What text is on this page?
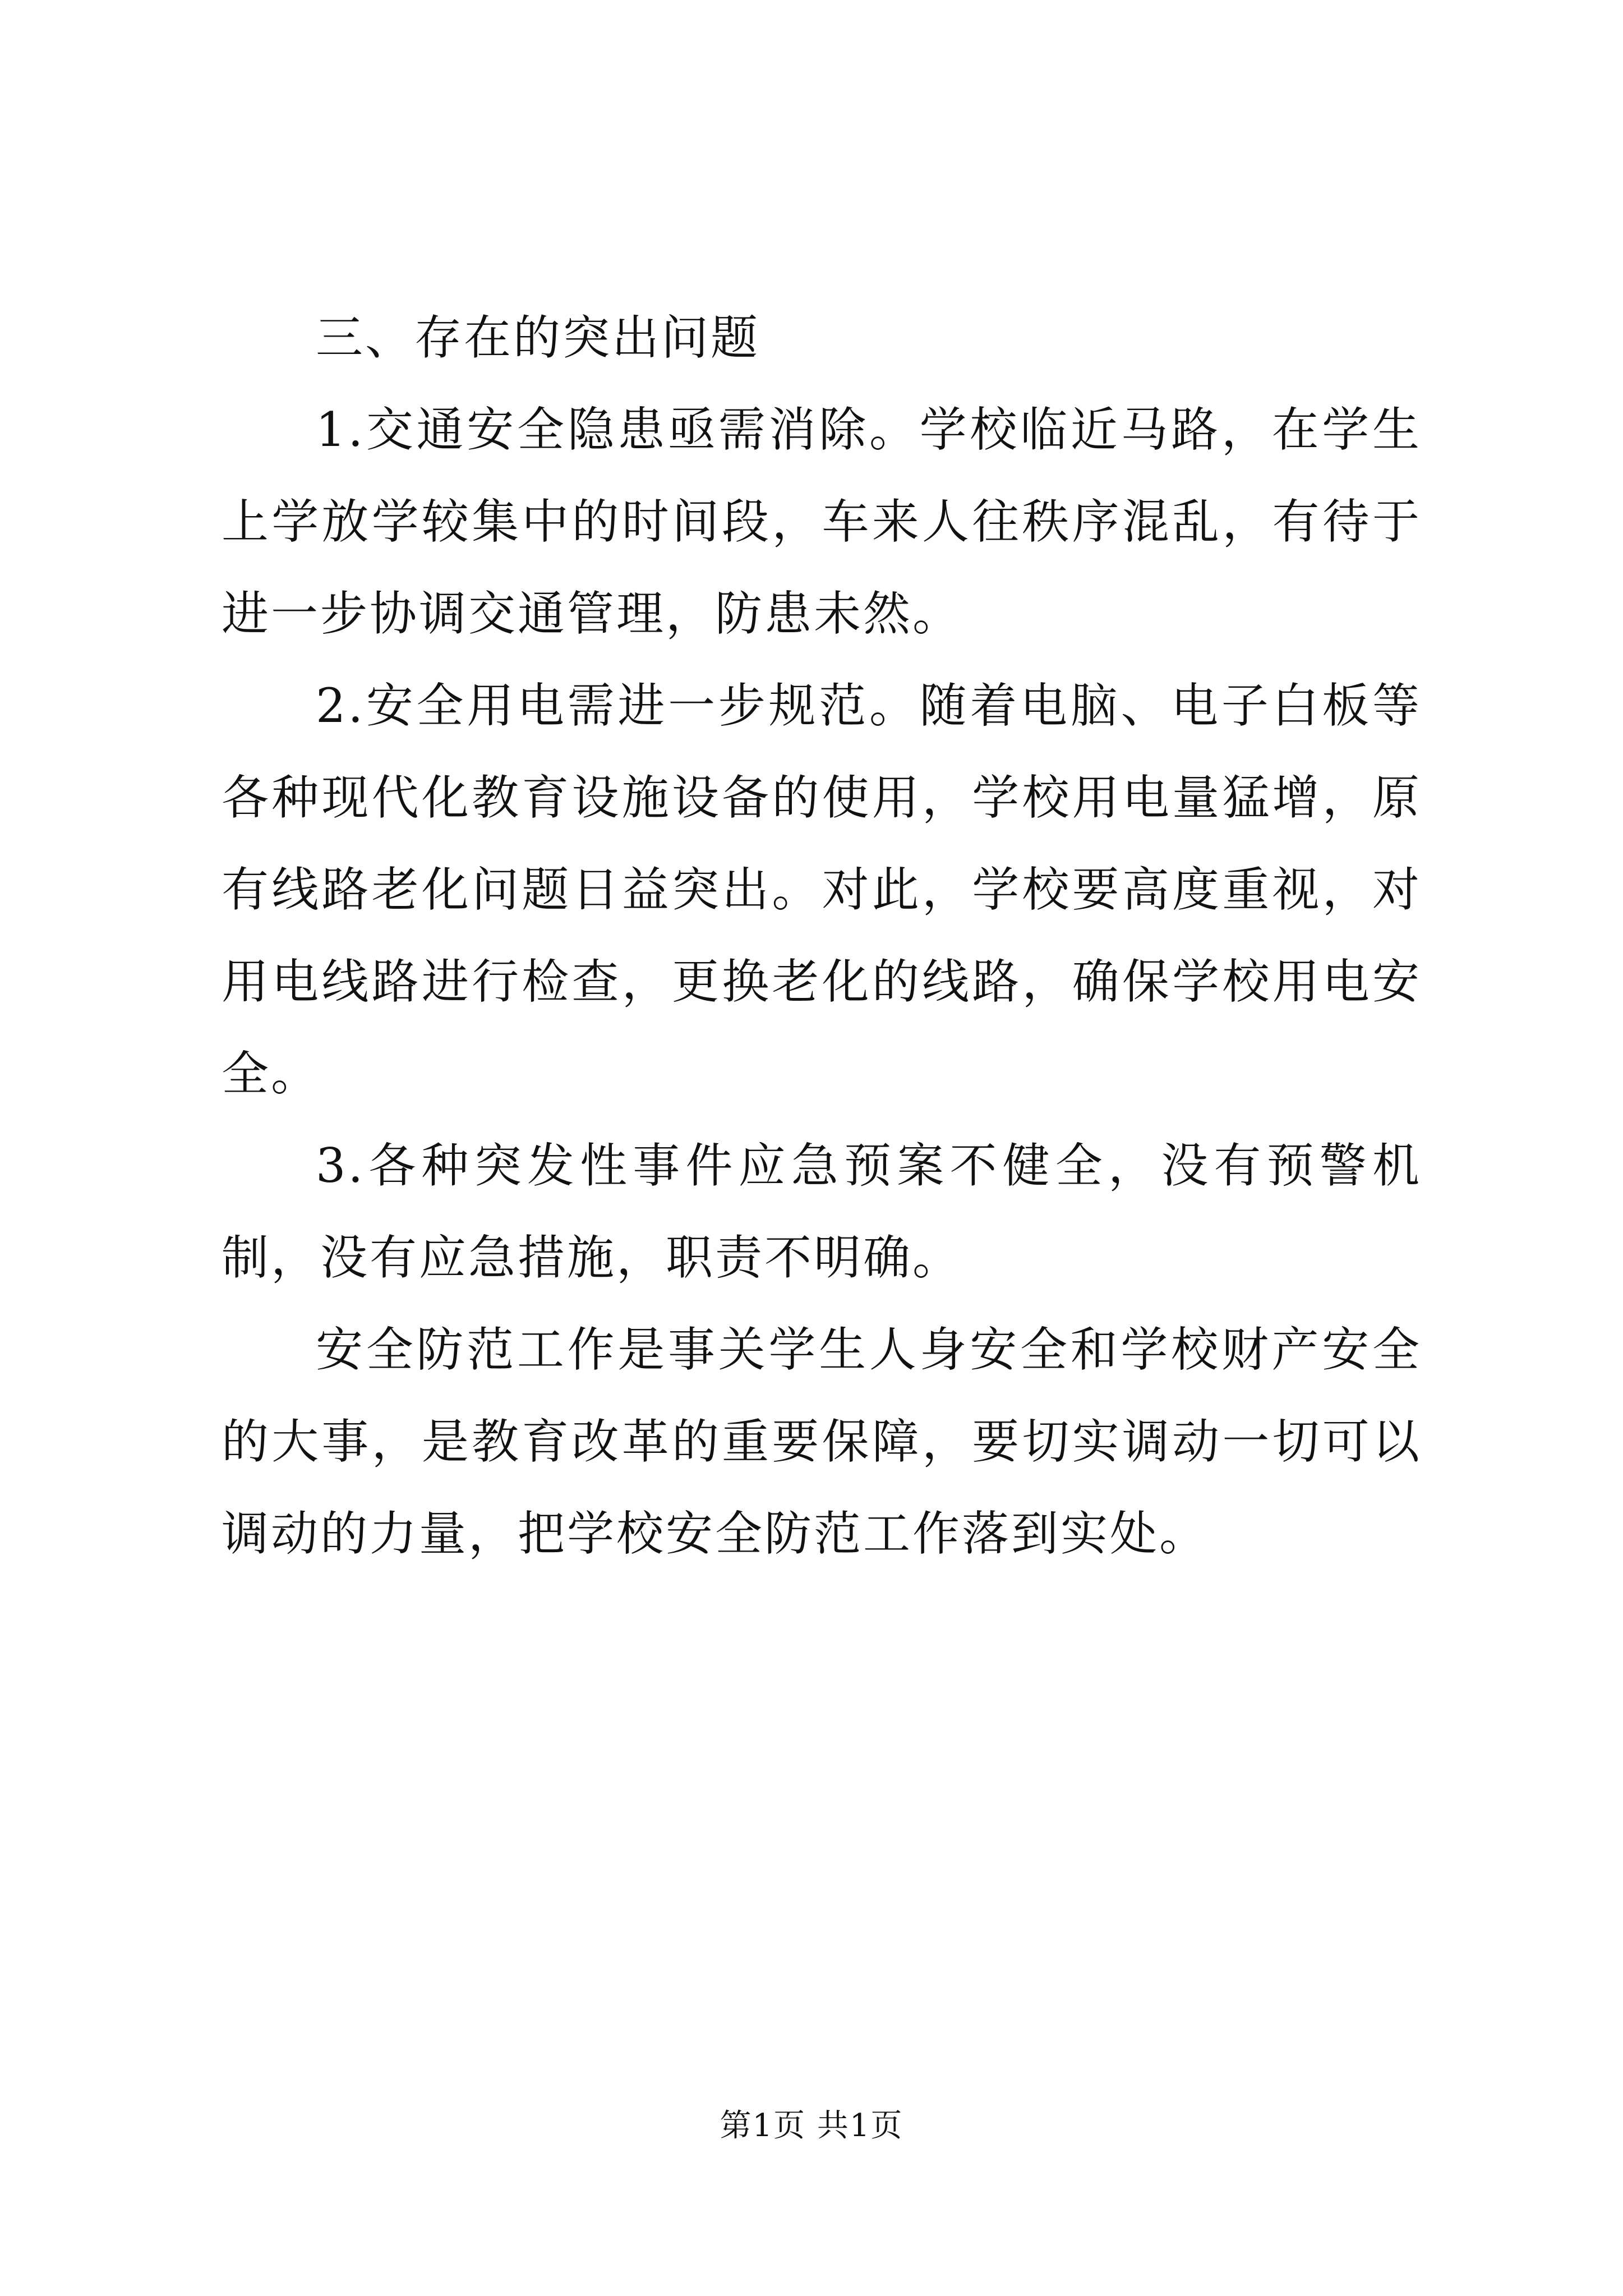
三、存在的突出问题

1.交通安全隐患亟需消除。学校临近马路，在学生上学放学较集中的时间段，车来人往秩序混乱，有待于进一步协调交通管理，防患未然。

2.安全用电需进一步规范。随着电脑、电子白板等各种现代化教育设施设备的使用，学校用电量猛增，原有线路老化问题日益突出。对此，学校要高度重视，对用电线路进行检查，更换老化的线路，确保学校用电安全。

3.各种突发性事件应急预案不健全，没有预警机制，没有应急措施，职责不明确。

安全防范工作是事关学生人身安全和学校财产安全的大事，是教育改革的重要保障，要切实调动一切可以调动的力量，把学校安全防范工作落到实处。

第1页 共1页
